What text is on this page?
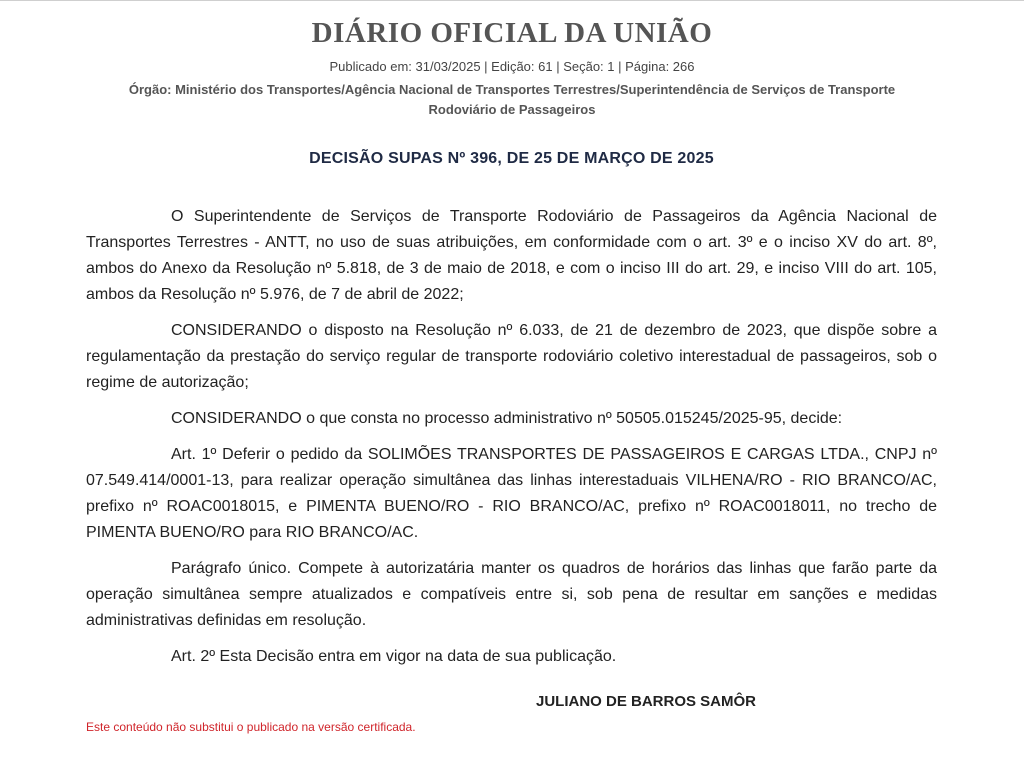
DIÁRIO OFICIAL DA UNIÃO
Publicado em: 31/03/2025 | Edição: 61 | Seção: 1 | Página: 266
Órgão: Ministério dos Transportes/Agência Nacional de Transportes Terrestres/Superintendência de Serviços de Transporte Rodoviário de Passageiros
DECISÃO SUPAS Nº 396, DE 25 DE MARÇO DE 2025

O Superintendente de Serviços de Transporte Rodoviário de Passageiros da Agência Nacional de Transportes Terrestres - ANTT, no uso de suas atribuições, em conformidade com o art. 3º e o inciso XV do art. 8º, ambos do Anexo da Resolução nº 5.818, de 3 de maio de 2018, e com o inciso III do art. 29, e inciso VIII do art. 105, ambos da Resolução nº 5.976, de 7 de abril de 2022;

CONSIDERANDO o disposto na Resolução nº 6.033, de 21 de dezembro de 2023, que dispõe sobre a regulamentação da prestação do serviço regular de transporte rodoviário coletivo interestadual de passageiros, sob o regime de autorização;

CONSIDERANDO o que consta no processo administrativo nº 50505.015245/2025-95, decide:

Art. 1º Deferir o pedido da SOLIMÕES TRANSPORTES DE PASSAGEIROS E CARGAS LTDA., CNPJ nº 07.549.414/0001-13, para realizar operação simultânea das linhas interestaduais VILHENA/RO - RIO BRANCO/AC, prefixo nº ROAC0018015, e PIMENTA BUENO/RO - RIO BRANCO/AC, prefixo nº ROAC0018011, no trecho de PIMENTA BUENO/RO para RIO BRANCO/AC.

Parágrafo único. Compete à autorizatária manter os quadros de horários das linhas que farão parte da operação simultânea sempre atualizados e compatíveis entre si, sob pena de resultar em sanções e medidas administrativas definidas em resolução.

Art. 2º Esta Decisão entra em vigor na data de sua publicação.

JULIANO DE BARROS SAMÔR
Este conteúdo não substitui o publicado na versão certificada.
